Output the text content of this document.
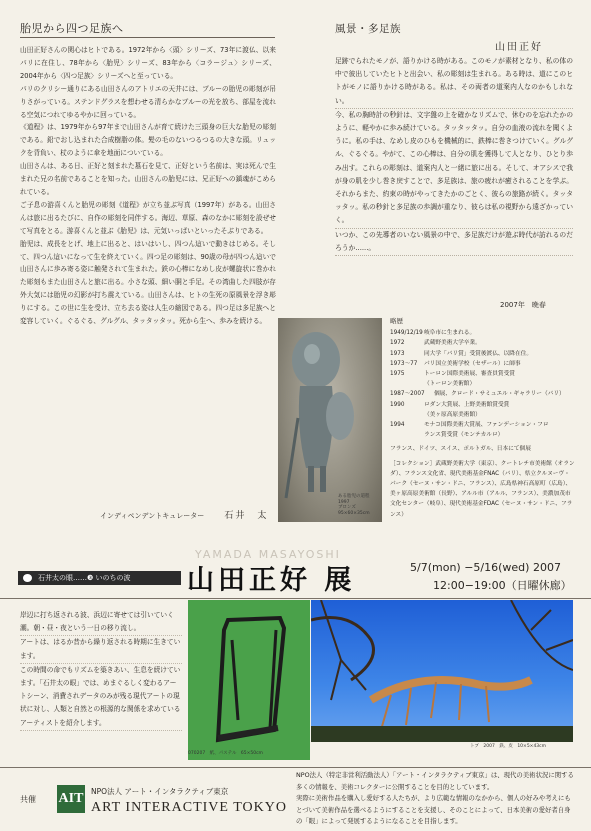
胎児から四つ足族へ

山田正好さんの関心はヒトである。1972年から〈頭〉シリーズ、73年に渡仏、以来パリに在住し、78年から〈胎児〉シリーズ、83年から〈コラージュ〉シリーズ、2004年から〈四つ足族〉シリーズへと至っている。

パリのクリシー通りにある山田さんのアトリエの天井には、ブルーの胎児の彫刻が吊りさがっている。ステンドグラスを想わせる清らかなブルーの光を放ち、部屋を流れる空気につれてゆるやかに回っている。

《道程》は、1979年から97年まで山田さんが育て続けた三頭身の巨大な胎児の彫刻である。鉛でおし込まれた合成樹脂の体。髪の毛のないつるつるの大きな頭。リュックを背負い、杖のように傘を地面についている。

山田さんは、ある日、正好と刻まれた墓石を見て、正好という名前は、実は死んで生まれた兄の名前であることを知った。山田さんの胎児には、兄正好への鎮魂がこめられている。

ご子息の游喜くんと胎児の彫刻《道程》が立ち並ぶ写真（1997年）がある。山田さんは旅に出るたびに、自作の彫刻を同伴する。海辺、草原、森のなかに彫刻を設ぜせて写真をとる。游喜くんと並ぶ《胎児》は、元気いっぱいといったそぶりである。

胎児は、成長をとげ、地上に出ると、はいはいし、四つん這いで動きはじめる。そして、四つん這いになって生を終えていく。四つ足の彫刻は、90歳の母が四つん這いで山田さんに歩み寄る姿に触発されて生まれた。鉄の心棒になめし皮が螺旋状に巻かれた彫刻もまた山田さんと旅に出る。小さな頭、細い胴と手足。その湾曲した四肢が存外大気には胎児の幻影が打ち震えている。山田さんは、ヒトの生死の原風景を浮き彫りにする。この世に生を受け、立ち去る姿は人生の縮図である。四つ足は多足族へと変容していく。ぐるぐる、グルグル、タッタッタッ。死から生へ、歩みを続ける。

インディペンデントキュレーター 石井　太
風景・多足族
山田正好

足跡でられたモノが、語りかける時がある。このモノが素材となり、私の体の中で彼出していたヒトと出会い、私の彫刻は生まれる。ある時は、道にこのヒトがモノに語りかける時がある。私は、その両者の道案内人なのかもしれない。

今、私の胸時計の秒針は、文字盤の上を確かなリズムで、休むのを忘れたかのように、軽やかに歩み続けている。タッタッタッ。自分の血液の流れを聞くように。私の手は、なめし皮のひもを機械的に、鉄棒に巻きつけていく。グルグル、ぐるぐる。やがて、この心棒は、自分の肌を獲得して人となり、ひとり歩み出す。これらの彫刻は、道案内人と一緒に旅に出る。そして、オアシスで我が身の肌を少し巻き戻すことで、多足族は、旅の疲れが癒されることを学ぶ。それからまた、約束の時がやってきたかのごとく、彼らの旅路が続く。タッタッタッ。私の秒針と多足族の歩調が重なり、彼らは私の視野から遠ざかっていく。

いつか、この先導者のいない風景の中で、多足族だけが遊ぶ時代が訪れるのだろうか......。

2007年　晩春
ある胎児の道程
1997
ブロンズ
95×60×35cm
略歴
1949/12/19 岐阜市に生まれる。
1972	武蔵野美術大学卒業。
1973	同大学「パリ賞」受賞後渡仏、以降在住。
1973〜77	パリ国立美術学校（セザール）に師事
1975	トーロン国際美術展、審査員賞受賞
（トーロン美術館）
1987〜2007	個展、クロード・サミュエル・ギャラリー（パリ）
1990	ロダン大賞展、上野美術館賞受賞
（美ヶ原高原美術館）
1994	モナコ国際美術大賞展、ファンデーション・フロ
ランス賞受賞（モンテカルロ）
フランス、ドイツ、スイス、ポルトガル、日本にて個展
［コレクション］武蔵野美術大学（東京）、クートレチ市美術館（オランダ）、フランス文化省、現代美術基金FNAC（パリ）、県立クルヌーヴ・パーク（セーヌ・サン・ドニ、フランス）、広島県神石高原町（広島）、美ヶ原高原美術館（長野）、アルル市（アルル、フランス）、美濃加茂市文化センター（岐阜）、現代美術基金FDAC（セーヌ・サン・ドニ、フランス）
YAMADA MASAYOSHI
石井太の眼……❸ いのちの波	山田正好 展	5/7(mon) −5/16(wed) 2007
12:00−19:00（日曜休廊）

岸辺に打ち返される波、浜辺に寄せては引いていく潮。朝・昼・夜という一日の移り流し。

アートは、はるか昔から繰り返される時期に生きています。

この時間の命でもリズムを築きあい、生息を続けています。「石井太の眼」では、めまぐるしく変わるアートシーン、消費されデータのみが残る現代アートの現状に対し、人類と自然との根源的な関係を求めているアーティストを紹介します。

070207　紙、パステル　65×50cm
トブ　2007　鉄、皮　10×5×43cm
共催 AIT NPO法人 アート・インタラクティブ東京
ART INTERACTIVE TOKYO

NPO法人（特定非営利活動法人）「アート・インタラクティブ東京」は、現代の美術状況に関する多くの情報を、美術コレクターに公開することを目的としています。

実際に美術作品を購入し愛好する人たちが、より広範な情報のなかから、個人の好みや考えにもとづいて美術作品を選べるようにすることを支援し、そのことによって、日本美術の愛好者自身の「眼」によって発展するようになることを目指します。
